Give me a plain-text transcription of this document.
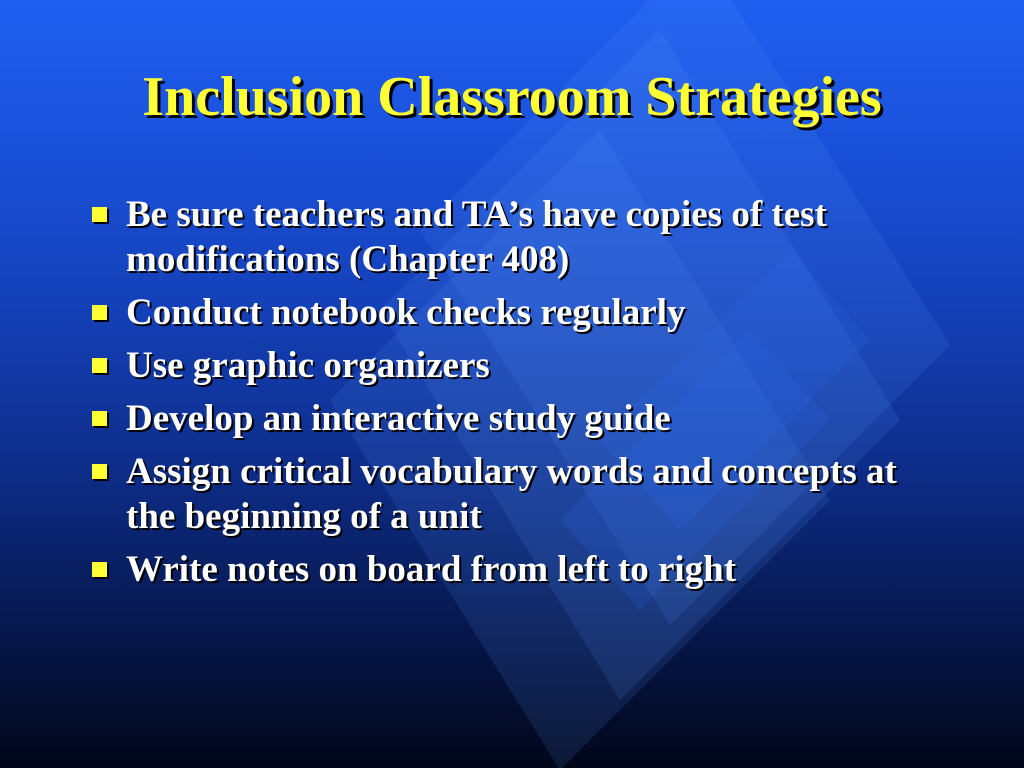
Inclusion Classroom Strategies
Be sure teachers and TA’s have copies of test modifications (Chapter 408)
Conduct notebook checks regularly
Use graphic organizers
Develop an interactive study guide
Assign critical vocabulary words and concepts at the beginning of a unit
Write notes on board from left to right
